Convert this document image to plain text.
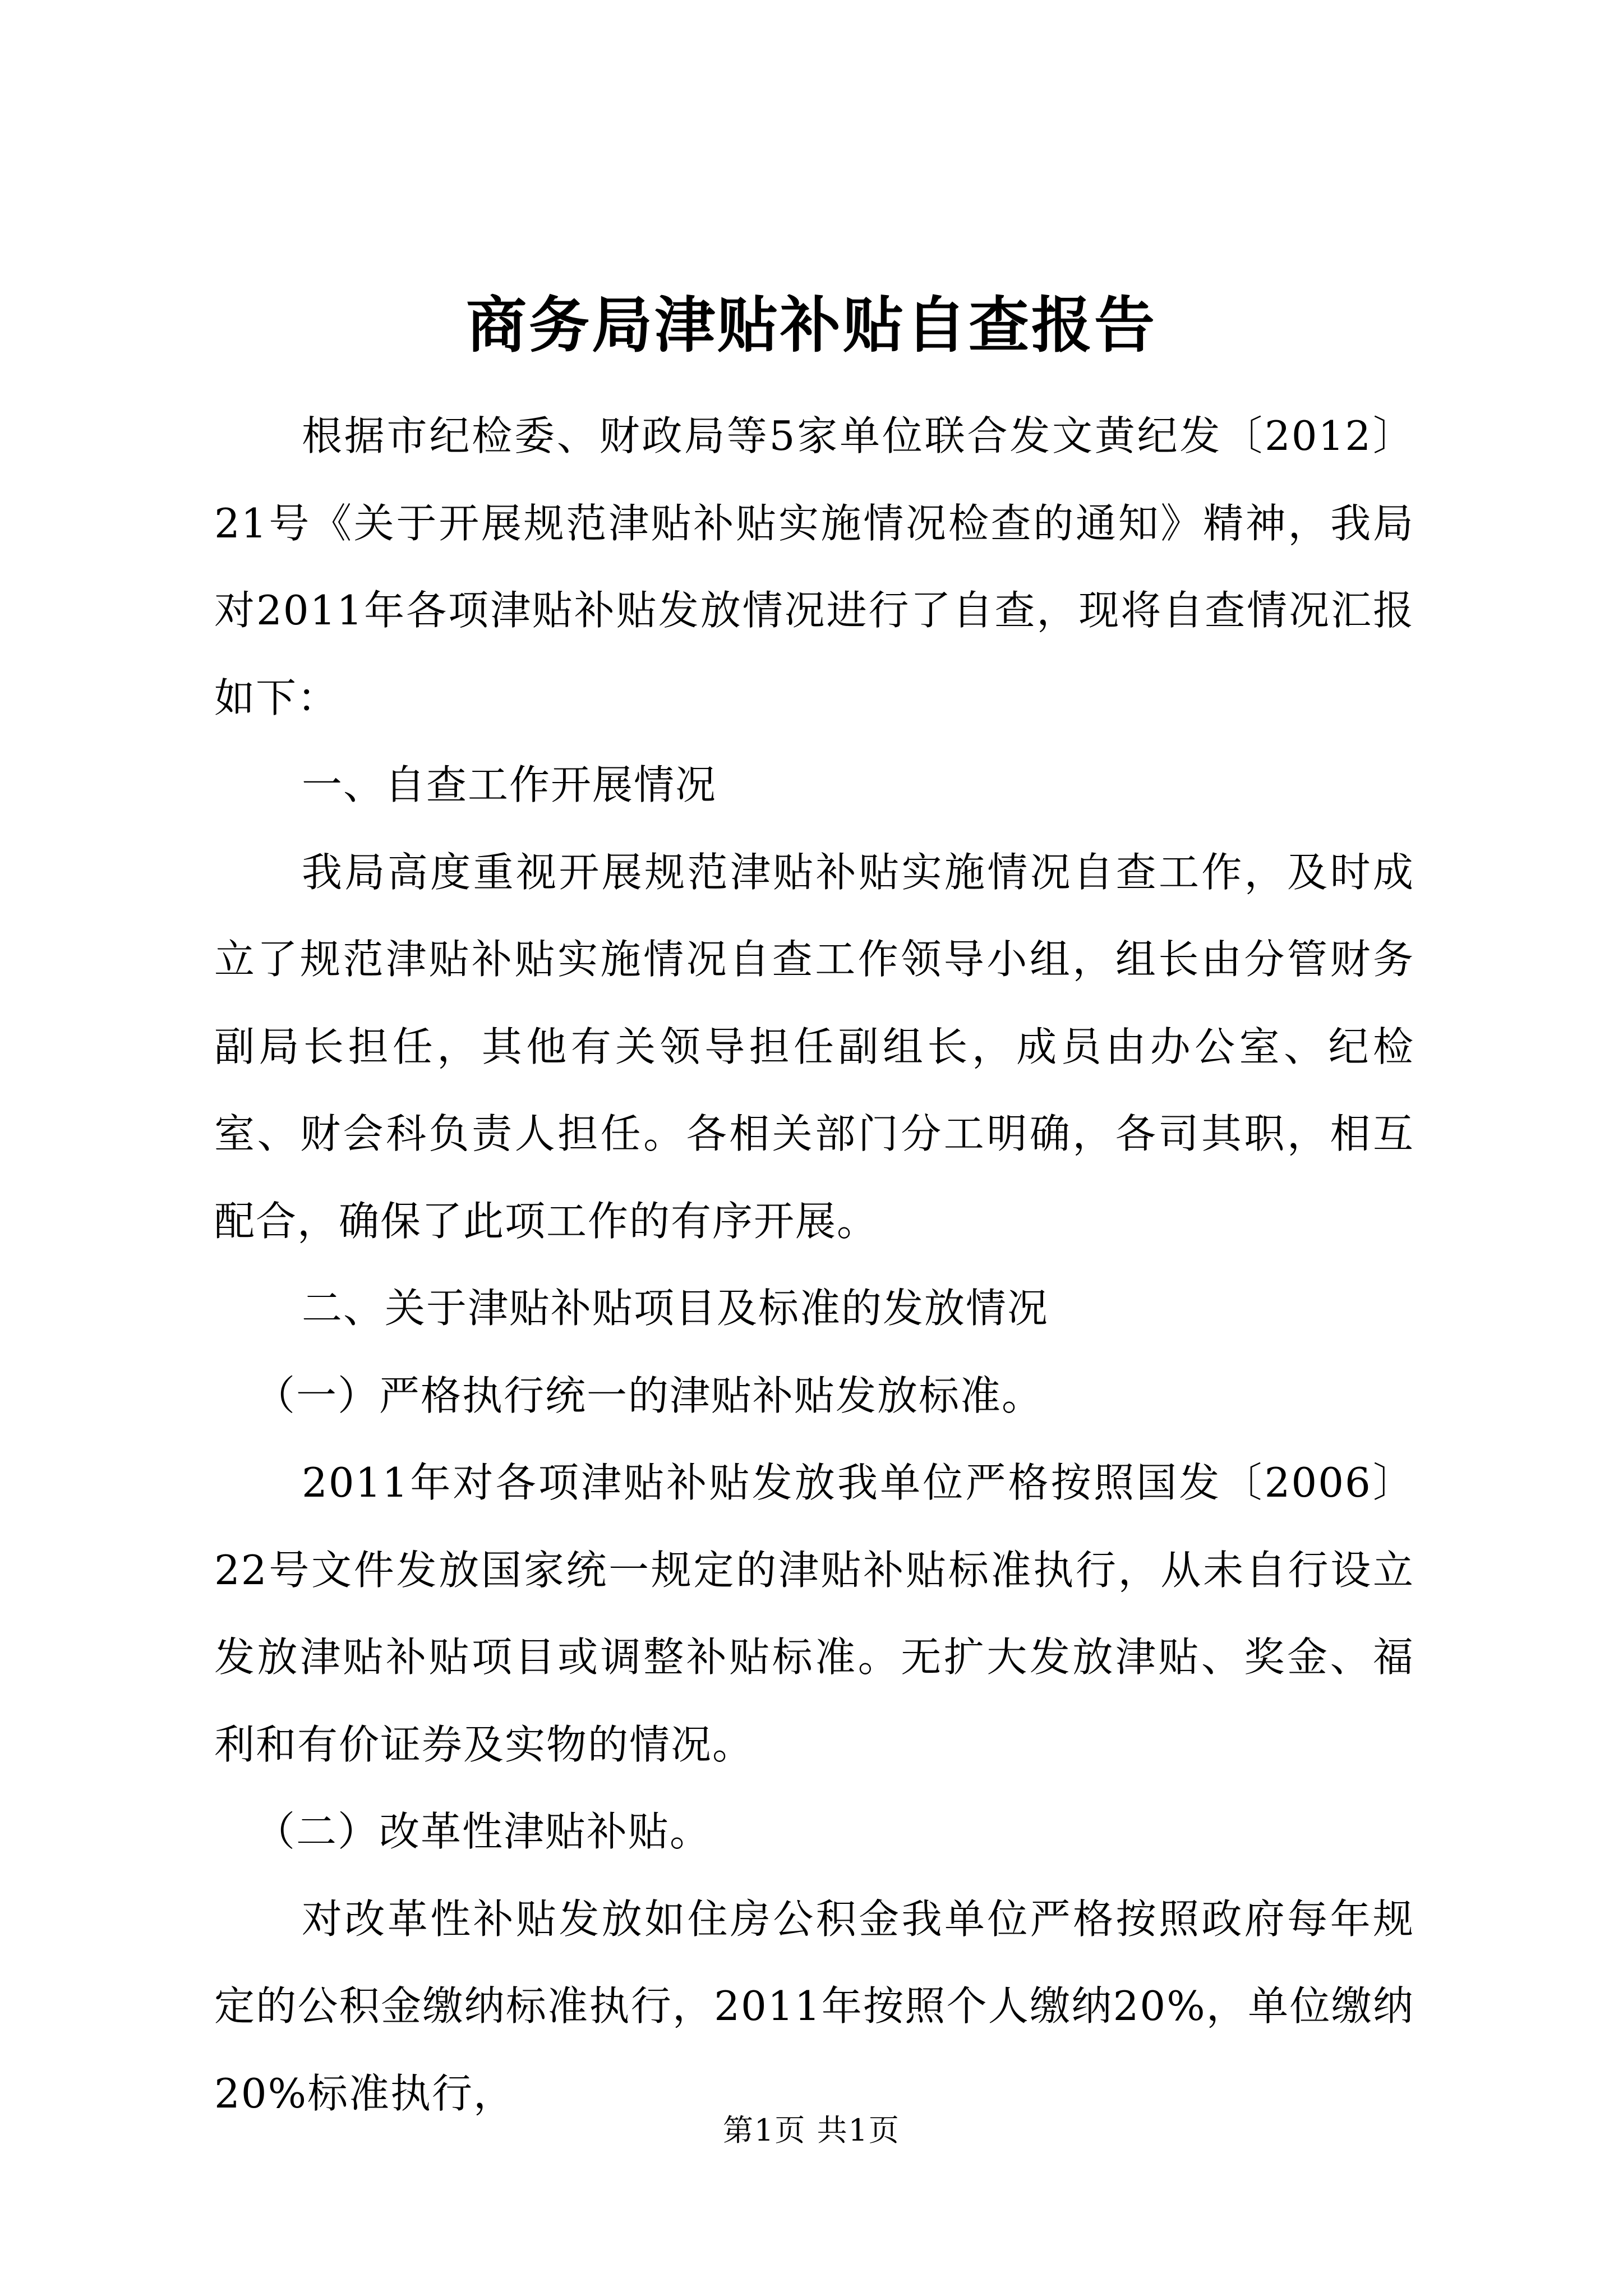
商务局津贴补贴自查报告

根据市纪检委、财政局等5家单位联合发文黄纪发〔2012〕21号《关于开展规范津贴补贴实施情况检查的通知》精神，我局对2011年各项津贴补贴发放情况进行了自查，现将自查情况汇报如下：

一、自查工作开展情况

我局高度重视开展规范津贴补贴实施情况自查工作，及时成立了规范津贴补贴实施情况自查工作领导小组，组长由分管财务副局长担任，其他有关领导担任副组长，成员由办公室、纪检室、财会科负责人担任。各相关部门分工明确，各司其职，相互配合，确保了此项工作的有序开展。

二、关于津贴补贴项目及标准的发放情况

（一）严格执行统一的津贴补贴发放标准。

2011年对各项津贴补贴发放我单位严格按照国发〔2006〕22号文件发放国家统一规定的津贴补贴标准执行，从未自行设立发放津贴补贴项目或调整补贴标准。无扩大发放津贴、奖金、福利和有价证券及实物的情况。

（二）改革性津贴补贴。

对改革性补贴发放如住房公积金我单位严格按照政府每年规定的公积金缴纳标准执行，2011年按照个人缴纳20%，单位缴纳20%标准执行，

第1页 共1页
